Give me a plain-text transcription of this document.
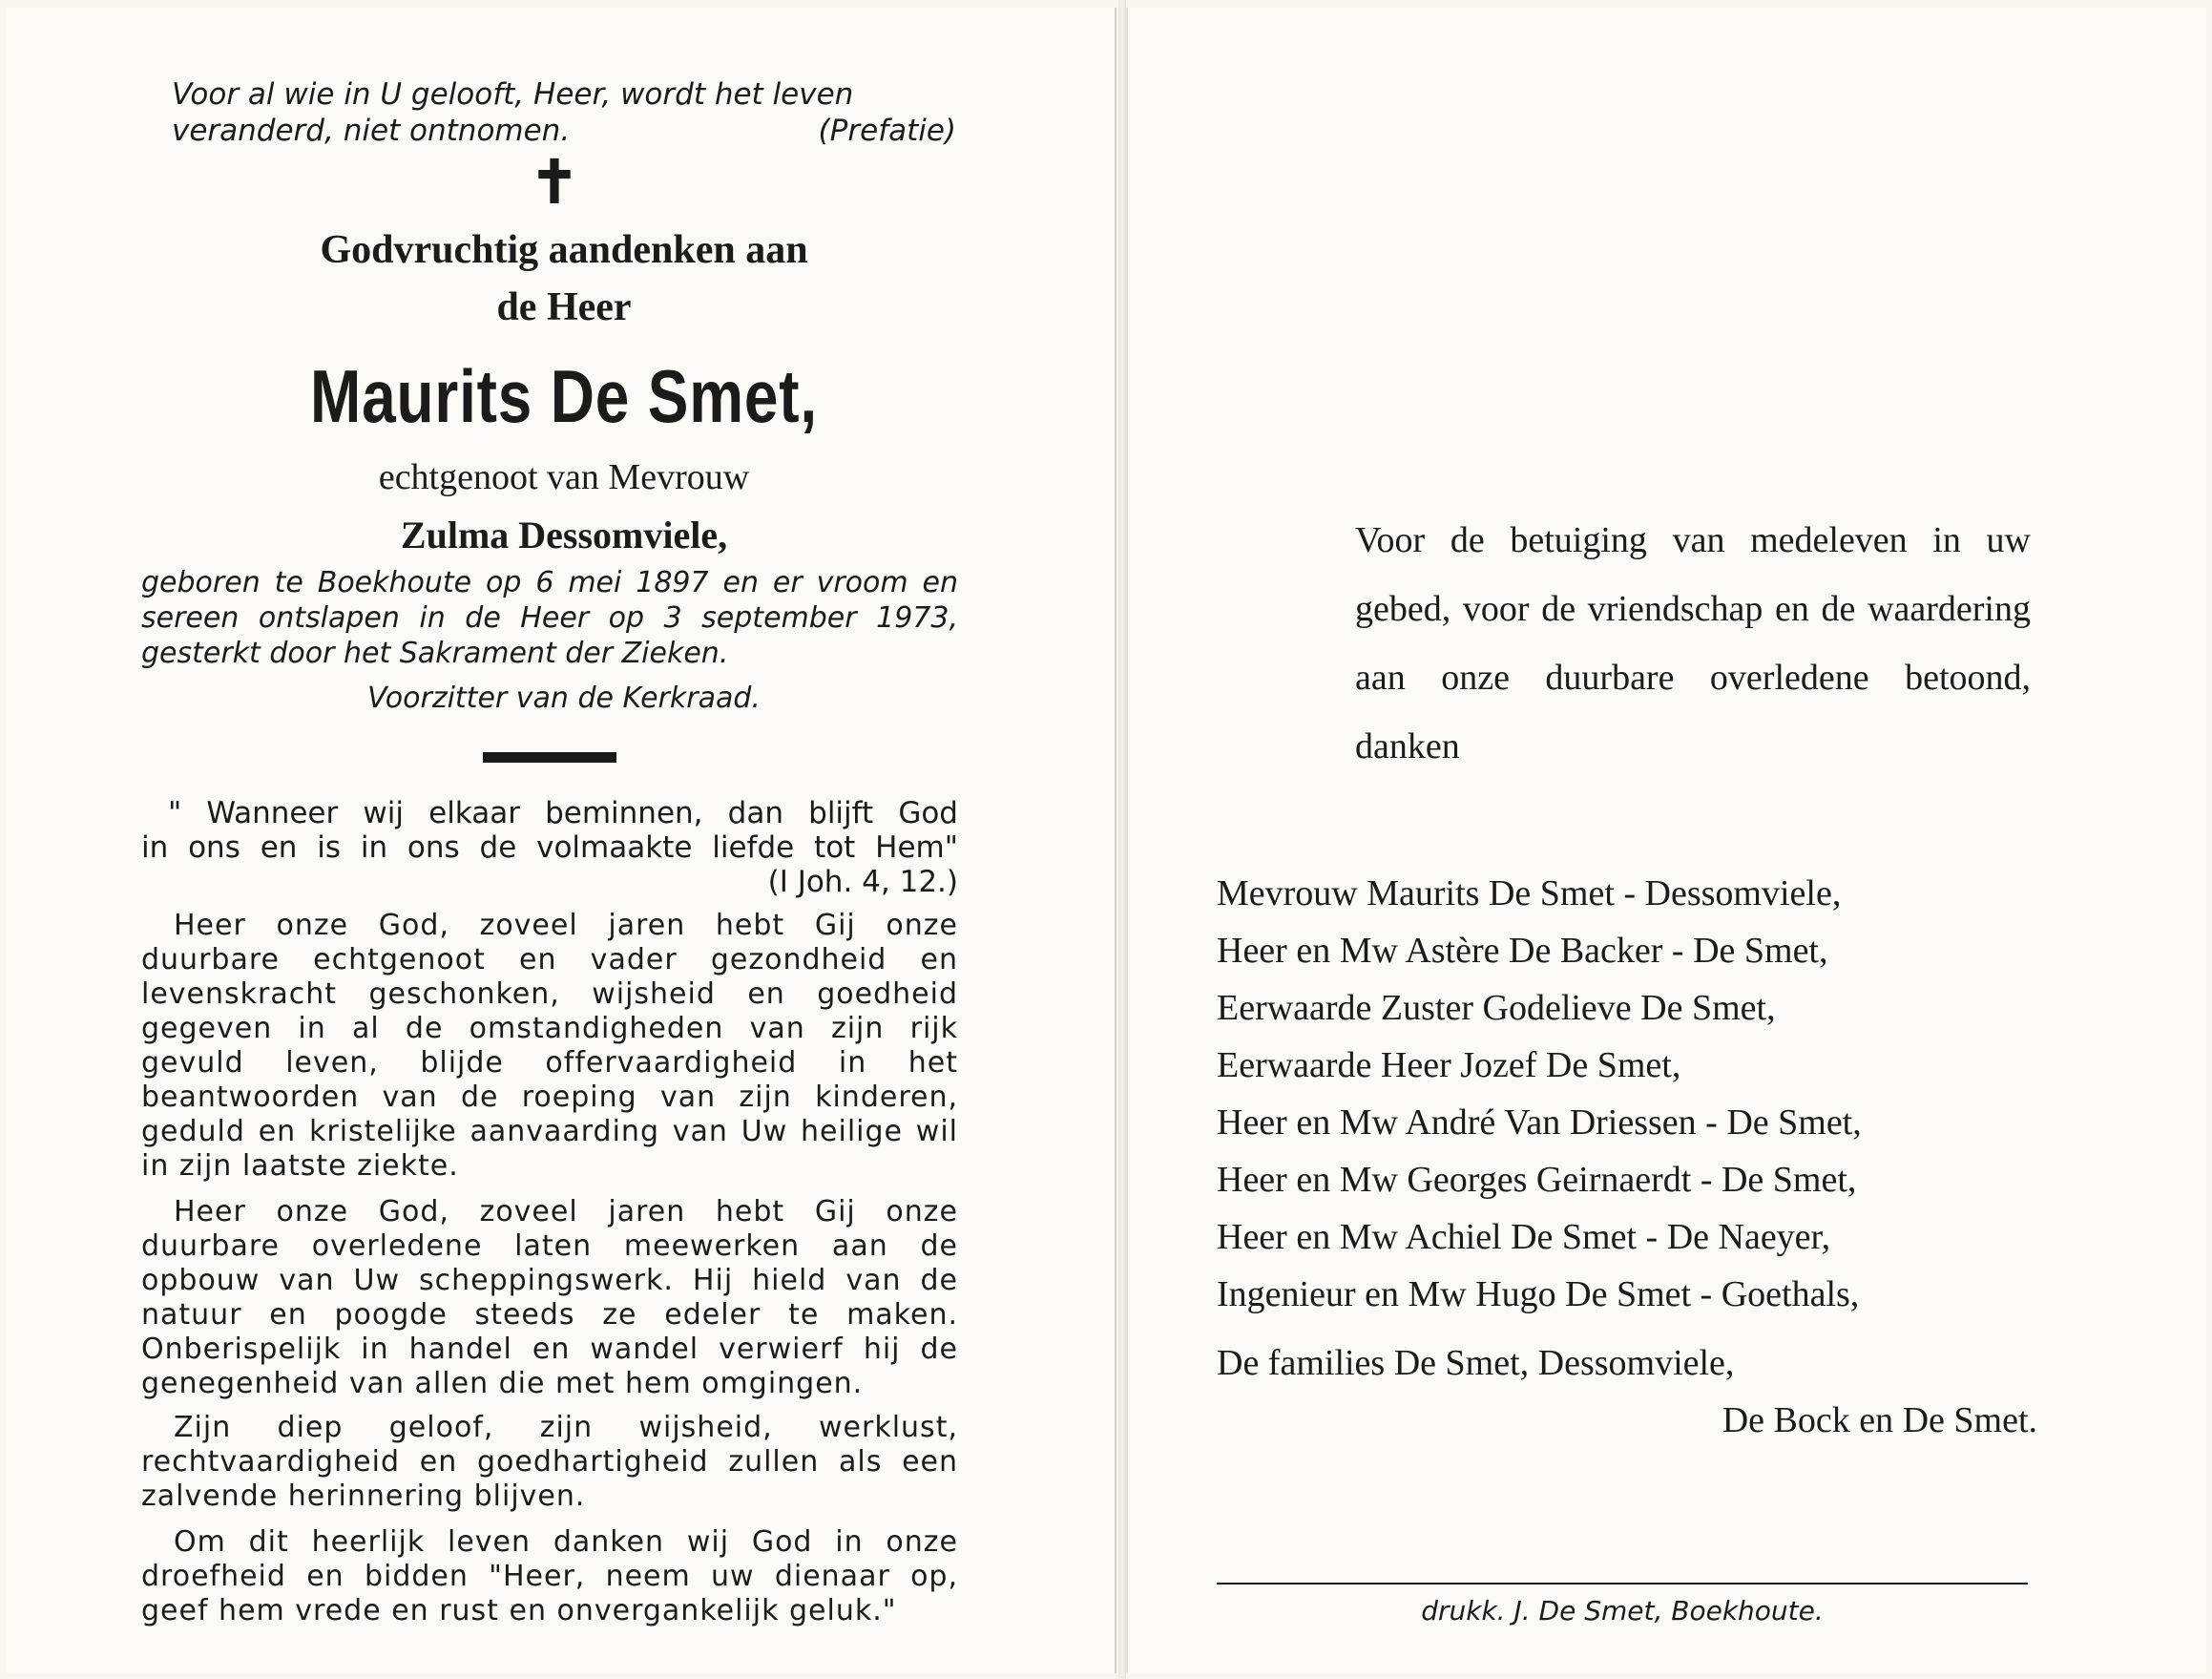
Voor al wie in U gelooft, Heer, wordt het leven
veranderd, niet ontnomen.	(Prefatie)
✝
Godvruchtig aandenken aan
de Heer
Maurits De Smet,
echtgenoot van Mevrouw
Zulma Dessomviele,
geboren te Boekhoute op 6 mei 1897 en er vroom en sereen ontslapen in de Heer op 3 september 1973, gesterkt door het Sakrament der Zieken.
Voorzitter van de Kerkraad.
" Wanneer wij elkaar beminnen, dan blijft God
in ons en is in ons de volmaakte liefde tot Hem"
(I Joh. 4, 12.)
Heer onze God, zoveel jaren hebt Gij onze duurbare echtgenoot en vader gezondheid en levenskracht geschonken, wijsheid en goedheid gegeven in al de omstandigheden van zijn rijk gevuld leven, blijde offervaardigheid in het beantwoorden van de roeping van zijn kinderen, geduld en kristelijke aanvaarding van Uw heilige wil in zijn laatste ziekte.
Heer onze God, zoveel jaren hebt Gij onze duurbare overledene laten meewerken aan de opbouw van Uw scheppingswerk. Hij hield van de natuur en poogde steeds ze edeler te maken. Onberispelijk in handel en wandel verwierf hij de genegenheid van allen die met hem omgingen.
Zijn diep geloof, zijn wijsheid, werklust, rechtvaardigheid en goedhartigheid zullen als een zalvende herinnering blijven.
Om dit heerlijk leven danken wij God in onze droefheid en bidden "Heer, neem uw dienaar op, geef hem vrede en rust en onvergankelijk geluk."
Voor de betuiging van medeleven in uw gebed, voor de vriendschap en de waardering aan onze duurbare overledene betoond, danken
Mevrouw Maurits De Smet - Dessomviele,
Heer en Mw Astère De Backer - De Smet,
Eerwaarde Zuster Godelieve De Smet,
Eerwaarde Heer Jozef De Smet,
Heer en Mw André Van Driessen - De Smet,
Heer en Mw Georges Geirnaerdt - De Smet,
Heer en Mw Achiel De Smet - De Naeyer,
Ingenieur en Mw Hugo De Smet - Goethals,
De families De Smet, Dessomviele,
De Bock en De Smet.
drukk. J. De Smet, Boekhoute.
